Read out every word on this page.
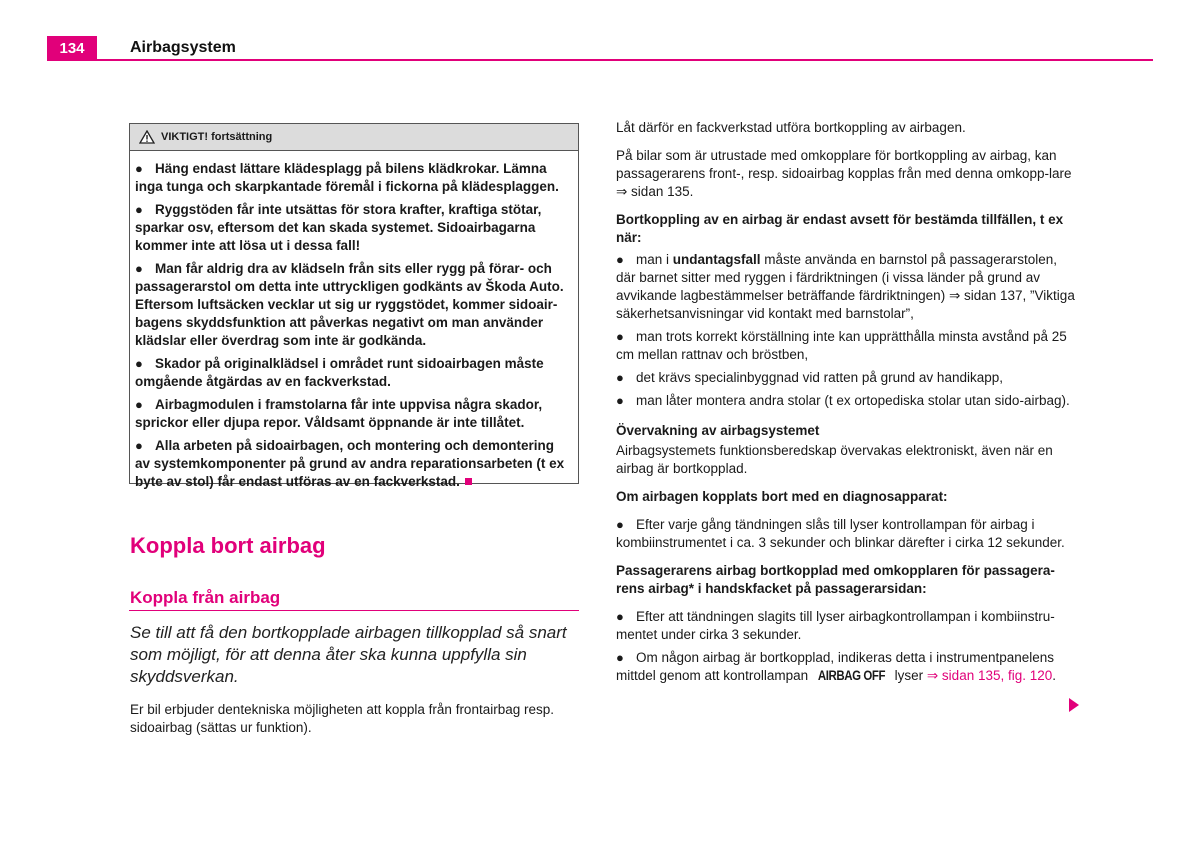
134	Airbagsystem
VIKTIGT! fortsättning
● Häng endast lättare klädesplagg på bilens klädkrokar. Lämna inga tunga och skarpkantade föremål i fickorna på klädesplaggen.
● Ryggstöden får inte utsättas för stora krafter, kraftiga stötar, sparkar osv, eftersom det kan skada systemet. Sidoairbagarna kommer inte att lösa ut i dessa fall!
● Man får aldrig dra av klädseln från sits eller rygg på förar- och passagerarstol om detta inte uttryckligen godkänts av Škoda Auto. Eftersom luftsäcken vecklar ut sig ur ryggstödet, kommer sidoair-bagens skyddsfunktion att påverkas negativt om man använder klädslar eller överdrag som inte är godkända.
● Skador på originalklädsel i området runt sidoairbagen måste omgående åtgärdas av en fackverkstad.
● Airbagmodulen i framstolarna får inte uppvisa några skador, sprickor eller djupa repor. Våldsamt öppnande är inte tillåtet.
● Alla arbeten på sidoairbagen, och montering och demontering av systemkomponenter på grund av andra reparationsarbeten (t ex byte av stol) får endast utföras av en fackverkstad.
Koppla bort airbag
Koppla från airbag
Se till att få den bortkopplade airbagen tillkopplad så snart som möjligt, för att denna åter ska kunna uppfylla sin skyddsverkan.
Er bil erbjuder dentekniska möjligheten att koppla från frontairbag resp. sidoairbag (sättas ur funktion).

Låt därför en fackverkstad utföra bortkoppling av airbagen.

På bilar som är utrustade med omkopplare för bortkoppling av airbag, kan passagerarens front-, resp. sidoairbag kopplas från med denna omkopp-lare ⇒ sidan 135.

Bortkoppling av en airbag är endast avsett för bestämda tillfällen, t ex när:

● man i undantagsfall måste använda en barnstol på passagerarstolen, där barnet sitter med ryggen i färdriktningen (i vissa länder på grund av avvikande lagbestämmelser beträffande färdriktningen) ⇒ sidan 137, ”Viktiga säkerhetsanvisningar vid kontakt med barnstolar”,
● man trots korrekt körställning inte kan upprätthålla minsta avstånd på 25 cm mellan rattnav och bröstben,
● det krävs specialinbyggnad vid ratten på grund av handikapp,
● man låter montera andra stolar (t ex ortopediska stolar utan sido-airbag).

Övervakning av airbagsystemet

Airbagsystemets funktionsberedskap övervakas elektroniskt, även när en airbag är bortkopplad.

Om airbagen kopplats bort med en diagnosapparat:

● Efter varje gång tändningen slås till lyser kontrollampan för airbag i kombiinstrumentet i ca. 3 sekunder och blinkar därefter i cirka 12 sekunder.

Passagerarens airbag bortkopplad med omkopplaren för passagera-rens airbag* i handskfacket på passagerarsidan:

● Efter att tändningen slagits till lyser airbagkontrollampan i kombiinstru-mentet under cirka 3 sekunder.
● Om någon airbag är bortkopplad, indikeras detta i instrumentpanelens mittdel genom att kontrollampan AIRBAG OFF lyser ⇒ sidan 135, fig. 120.
